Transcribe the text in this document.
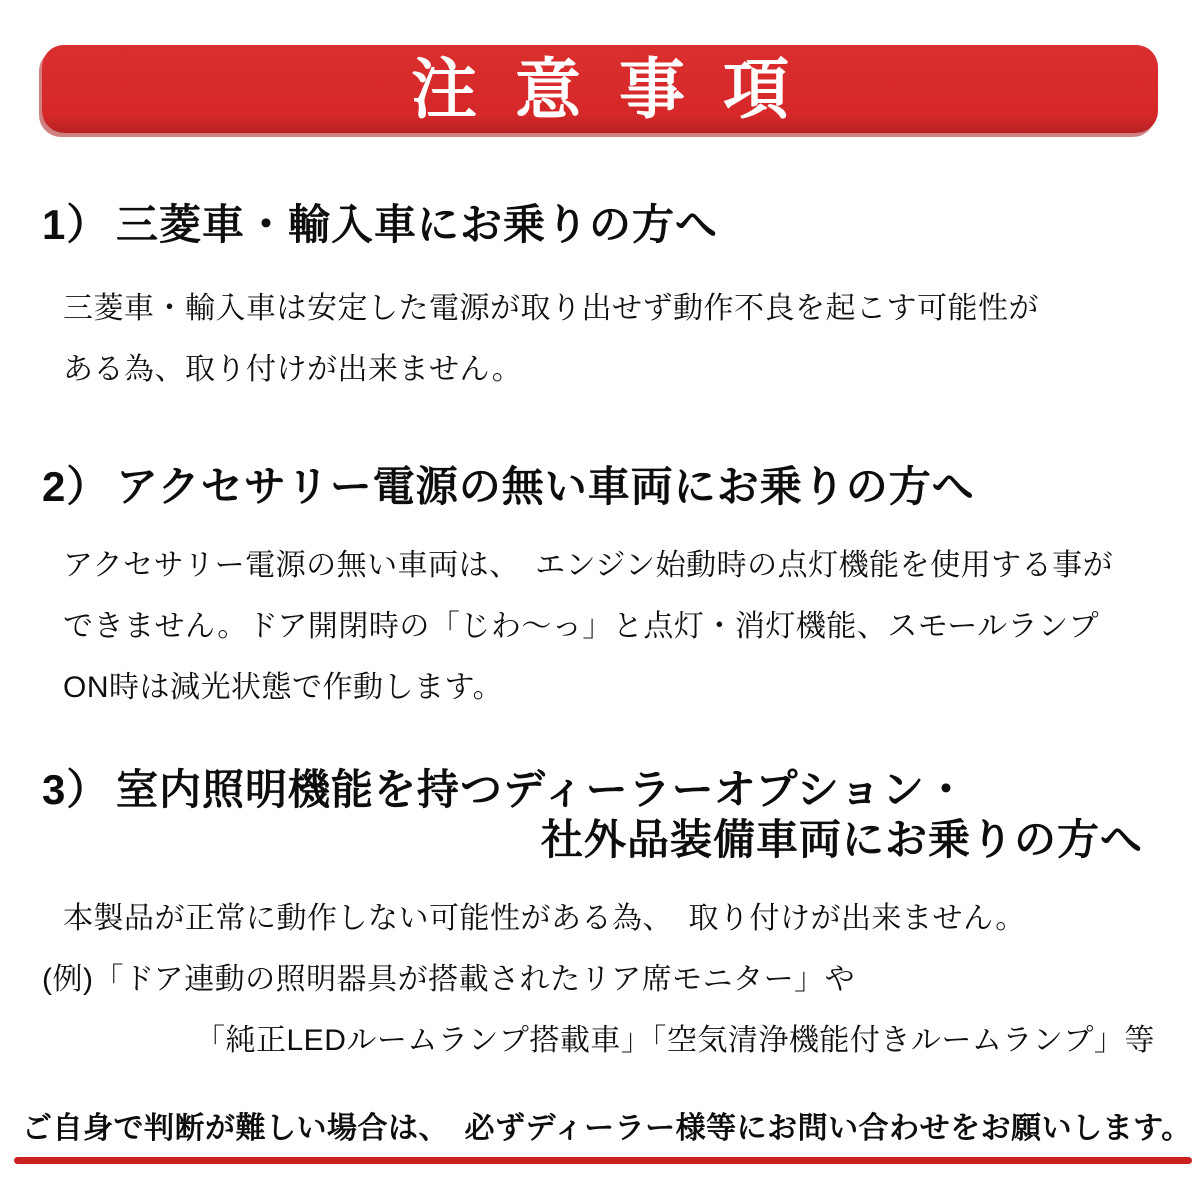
注意事項
1） 三菱車・輸入車にお乗りの方へ
三菱車・輸入車は安定した電源が取り出せず動作不良を起こす可能性が
ある為、取り付けが出来ません。
2） アクセサリー電源の無い車両にお乗りの方へ
アクセサリー電源の無い車両は、　エンジン始動時の点灯機能を使用する事が
できません。ドア開閉時の「じわ～っ」と点灯・消灯機能、スモールランプ
ON時は減光状態で作動します。
3） 室内照明機能を持つディーラーオプション・
社外品装備車両にお乗りの方へ
本製品が正常に動作しない可能性がある為、　取り付けが出来ません。
(例)「ドア連動の照明器具が搭載されたリア席モニター」や
「純正LEDルームランプ搭載車」「空気清浄機能付きルームランプ」等
ご自身で判断が難しい場合は、　必ずディーラー様等にお問い合わせをお願いします。
